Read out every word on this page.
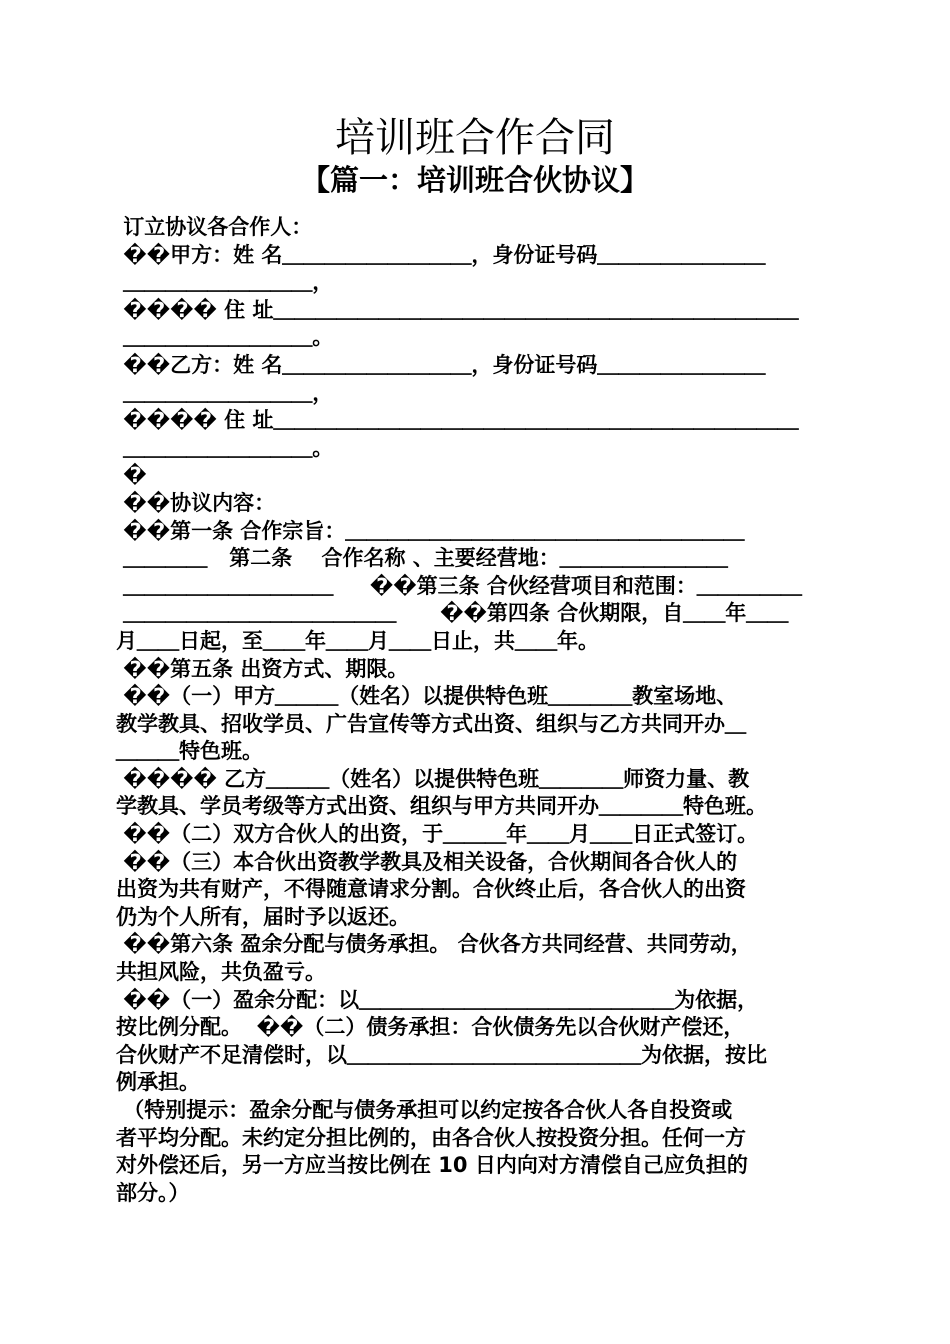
培训班合作合同
【篇一：培训班合伙协议】

订立协议各合作人：

��甲方：姓 名＿＿＿＿＿＿＿＿＿，身份证号码＿＿＿＿＿＿＿＿

＿＿＿＿＿＿＿＿＿，

���� 住 址＿＿＿＿＿＿＿＿＿＿＿＿＿＿＿＿＿＿＿＿＿＿＿＿＿

＿＿＿＿＿＿＿＿＿。

��乙方：姓 名＿＿＿＿＿＿＿＿＿，身份证号码＿＿＿＿＿＿＿＿

＿＿＿＿＿＿＿＿＿，

���� 住 址＿＿＿＿＿＿＿＿＿＿＿＿＿＿＿＿＿＿＿＿＿＿＿＿＿

＿＿＿＿＿＿＿＿＿。

�

��协议内容：

��第一条 合作宗旨：＿＿＿＿＿＿＿＿＿＿＿＿＿＿＿＿＿＿＿

＿＿＿＿   第二条    合作名称 、主要经营地：＿＿＿＿＿＿＿＿

＿＿＿＿＿＿＿＿＿＿     ��第三条 合伙经营项目和范围：＿＿＿＿＿

＿＿＿＿＿＿＿＿＿＿＿＿＿      ��第四条 合伙期限，自＿＿年＿＿

月＿＿日起，至＿＿年＿＿月＿＿日止，共＿＿年。

��第五条 出资方式、期限。

��（一）甲方＿＿＿（姓名）以提供特色班＿＿＿＿教室场地、

教学教具、招收学员、广告宣传等方式出资、组织与乙方共同开办＿

＿＿＿特色班。

���� 乙方＿＿＿（姓名）以提供特色班＿＿＿＿师资力量、教

学教具、学员考级等方式出资、组织与甲方共同开办＿＿＿＿特色班。

��（二）双方合伙人的出资，于＿＿＿年＿＿月＿＿日正式签订。

��（三）本合伙出资教学教具及相关设备，合伙期间各合伙人的

出资为共有财产，不得随意请求分割。合伙终止后，各合伙人的出资

仍为个人所有，届时予以返还。

��第六条 盈余分配与债务承担。 合伙各方共同经营、共同劳动，

共担风险，共负盈亏。

��（一）盈余分配：以＿＿＿＿＿＿＿＿＿＿＿＿＿＿＿为依据，

按比例分配。  ��（二）债务承担：合伙债务先以合伙财产偿还，

合伙财产不足清偿时，以＿＿＿＿＿＿＿＿＿＿＿＿＿＿为依据，按比

例承担。

（特别提示：盈余分配与债务承担可以约定按各合伙人各自投资或

者平均分配。未约定分担比例的，由各合伙人按投资分担。任何一方

对外偿还后，另一方应当按比例在 10 日内向对方清偿自己应负担的

部分。）
